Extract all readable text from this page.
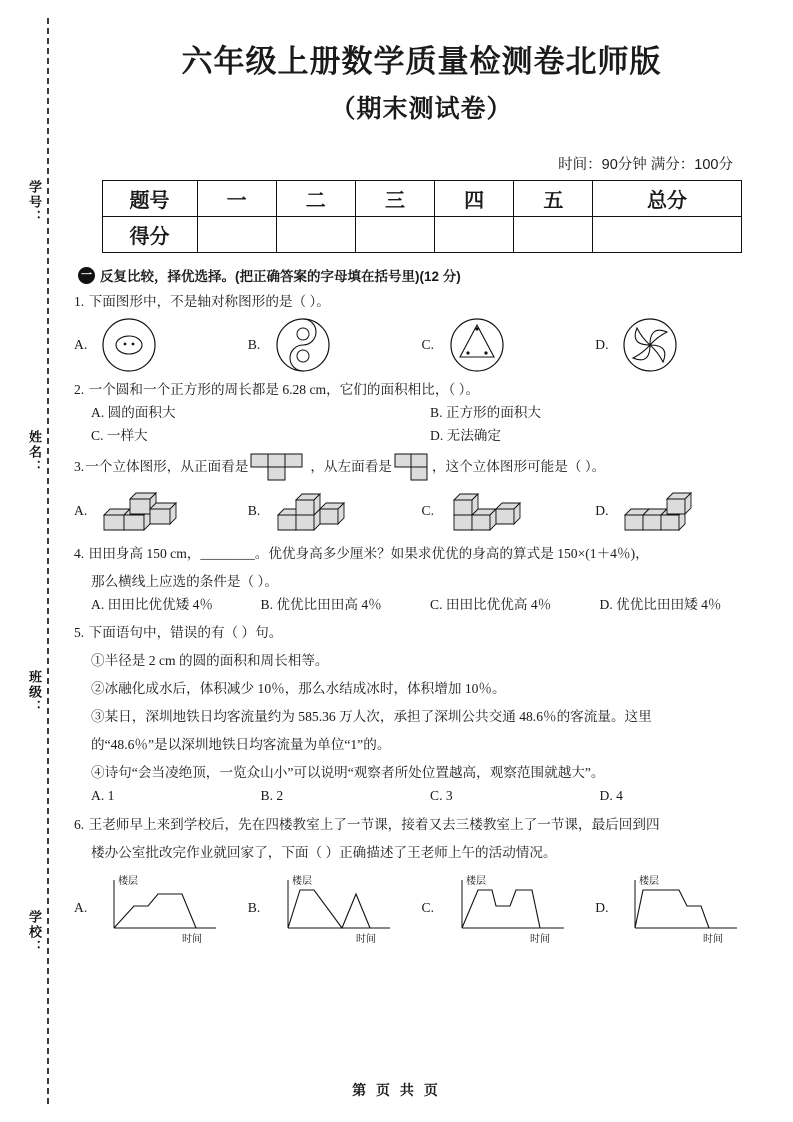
学号：
姓名：
班级：
学校：
六年级上册数学质量检测卷北师版
（期末测试卷）
时间：90分钟 满分：100分
题号	一	二	三	四	五	总分
得分						
一 反复比较，择优选择。(把正确答案的字母填在括号里)(12 分)
1. 下面图形中，不是轴对称图形的是（ ）。
A.	B.	C.	D.
2. 一个圆和一个正方形的周长都是 6.28 cm，它们的面积相比，（ ）。
A. 圆的面积大	B. 正方形的面积大
C. 一样大	D. 无法确定
3. 一个立体图形，从正面看是	，从左面看是	，这个立体图形可能是（ ）。
A.	B.	C.	D.
4. 田田身高 150 cm，________。优优身高多少厘米？如果求优优的身高的算式是 150×(1＋4％)，
那么横线上应选的条件是（ ）。
A. 田田比优优矮 4％	B. 优优比田田高 4％	C. 田田比优优高 4％	D. 优优比田田矮 4％
5. 下面语句中，错误的有（ ）句。
①半径是 2 cm 的圆的面积和周长相等。
②冰融化成水后，体积减少 10％，那么水结成冰时，体积增加 10％。
③某日，深圳地铁日均客流量约为 585.36 万人次，承担了深圳公共交通 48.6％的客流量。这里
的“48.6％”是以深圳地铁日均客流量为单位“1”的。
④诗句“会当凌绝顶，一览众山小”可以说明“观察者所处位置越高，观察范围就越大”。
A. 1	B. 2	C. 3	D. 4
6. 王老师早上来到学校后，先在四楼教室上了一节课，接着又去三楼教室上了一节课，最后回到四
楼办公室批改完作业就回家了，下面（ ）正确描述了王老师上午的活动情况。
A.
楼层
时间
B.
楼层
时间
C.
楼层
时间
D.
楼层
时间
第 页 共 页
